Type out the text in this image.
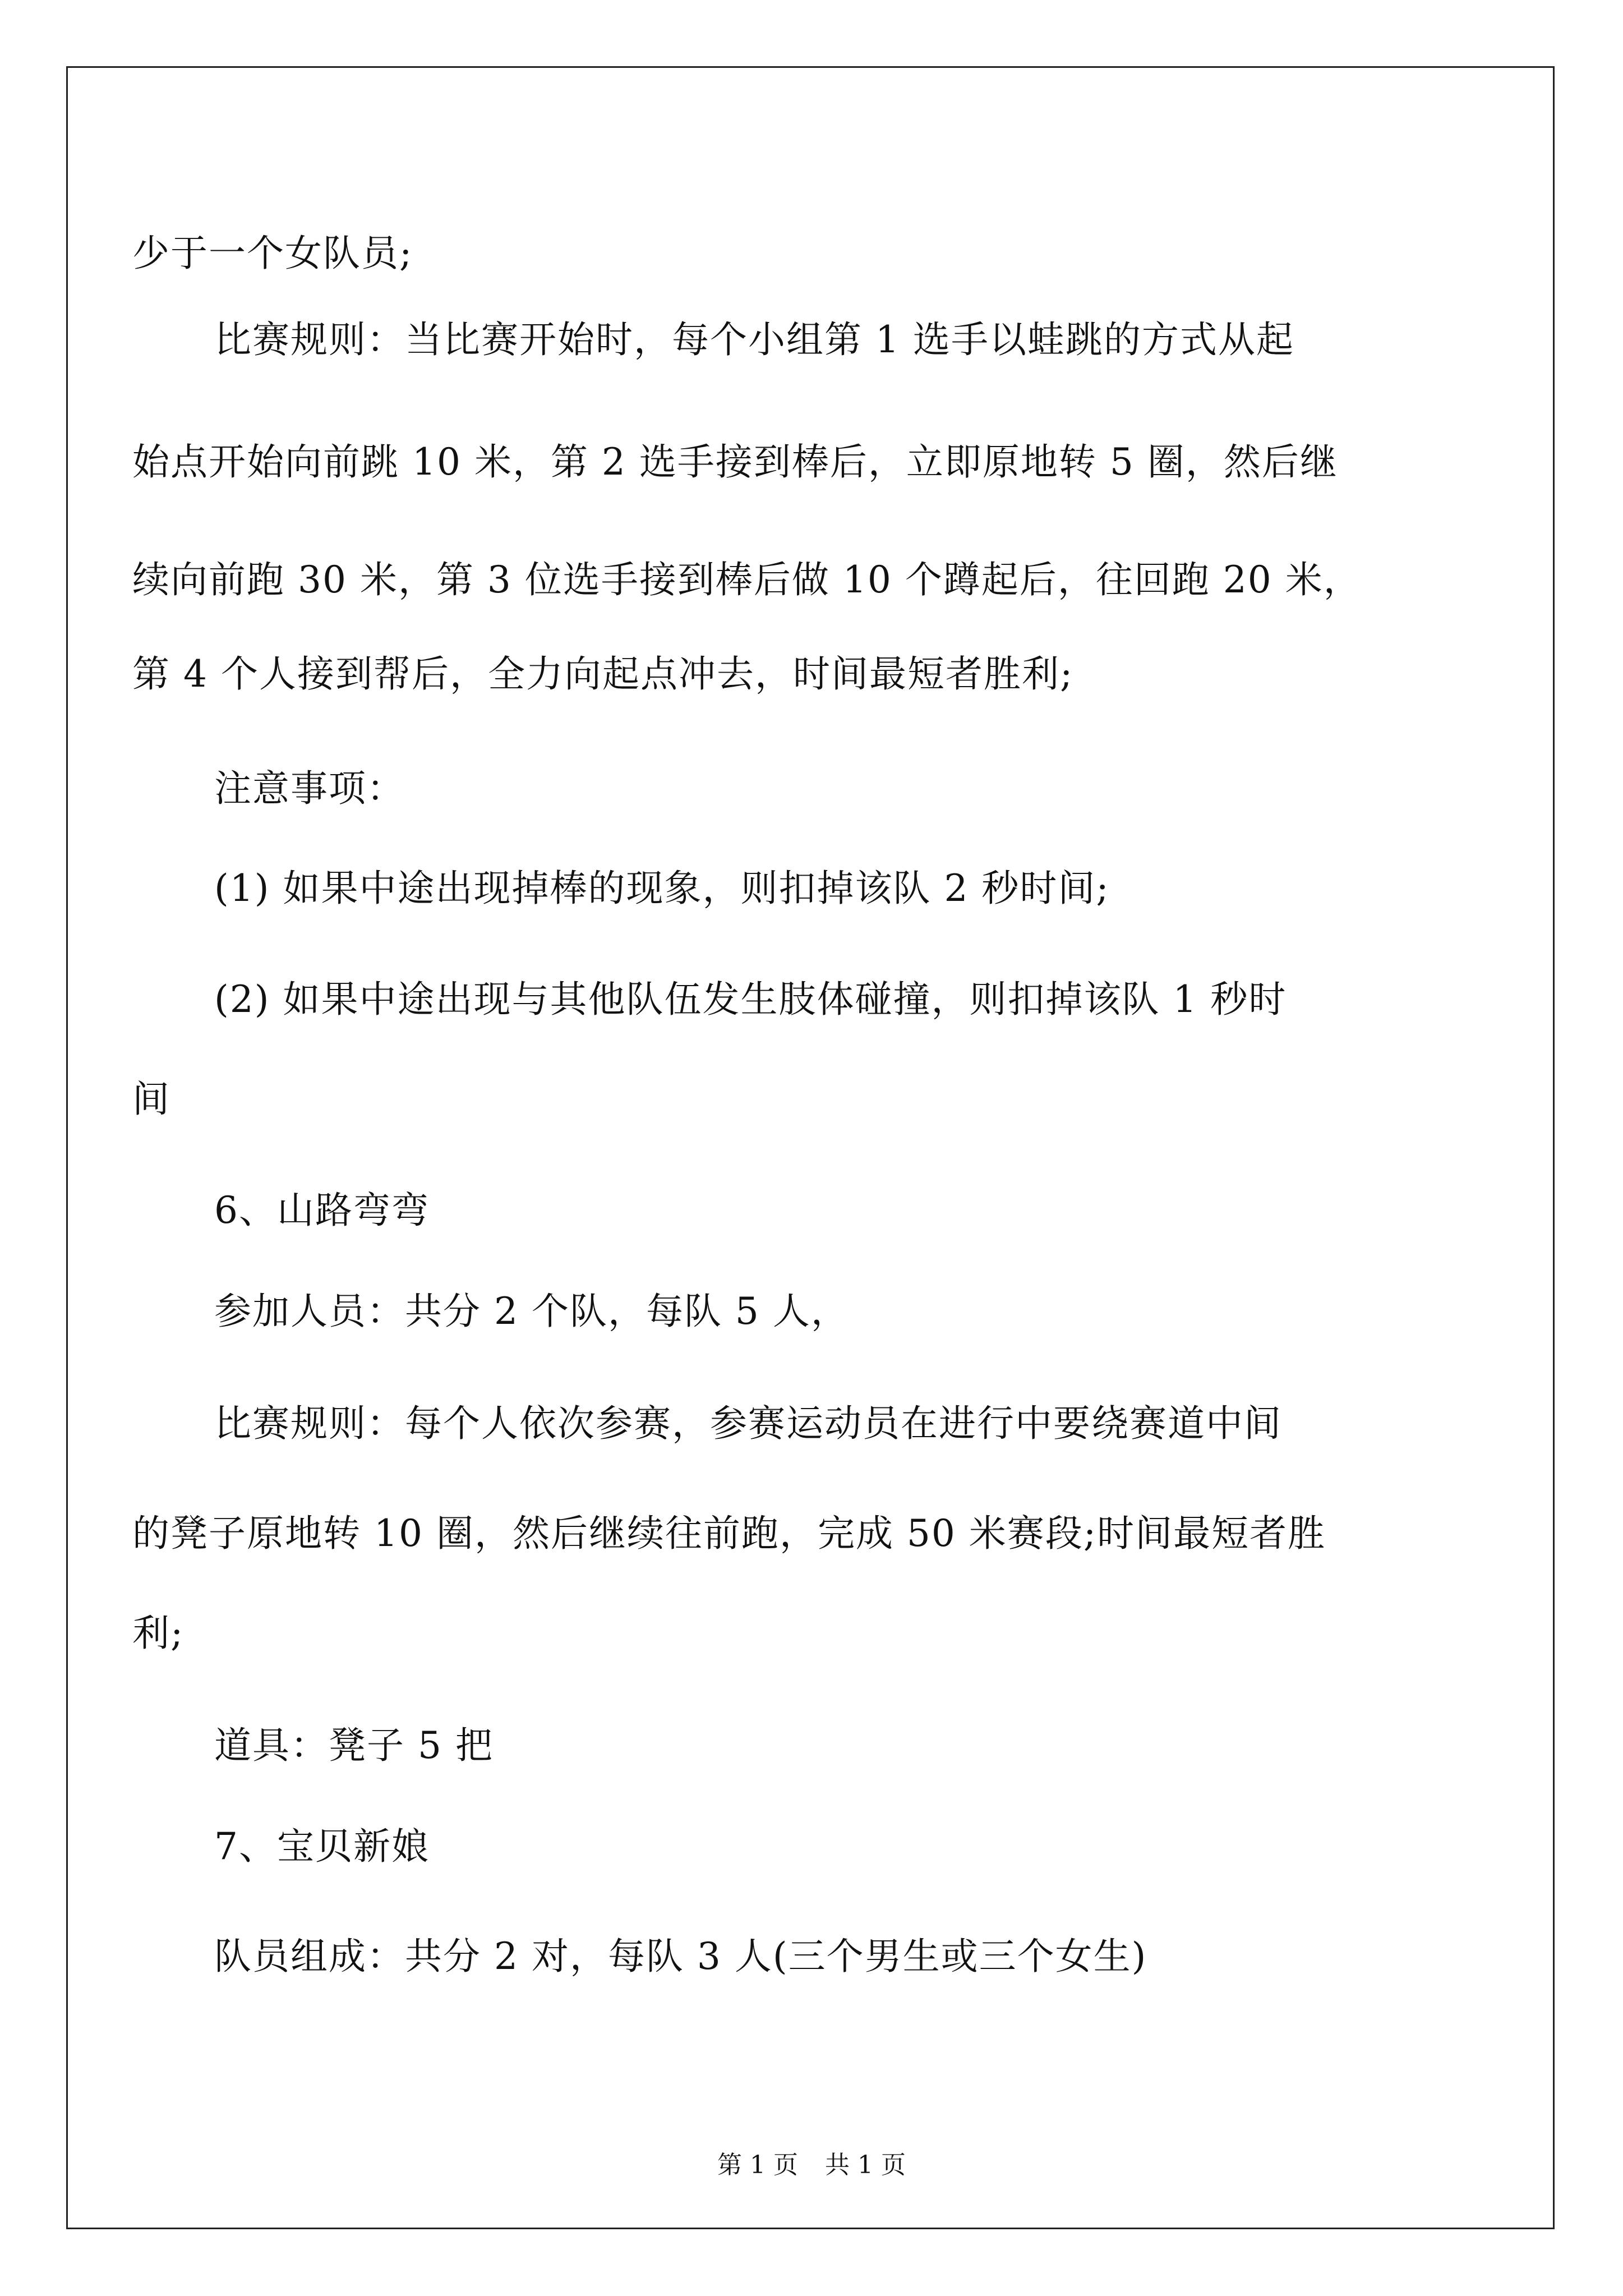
少于一个女队员;
比赛规则：当比赛开始时，每个小组第 1 选手以蛙跳的方式从起
始点开始向前跳 10 米，第 2 选手接到棒后，立即原地转 5 圈，然后继
续向前跑 30 米，第 3 位选手接到棒后做 10 个蹲起后，往回跑 20 米，
第 4 个人接到帮后，全力向起点冲去，时间最短者胜利;
注意事项：
(1) 如果中途出现掉棒的现象，则扣掉该队 2 秒时间;
(2) 如果中途出现与其他队伍发生肢体碰撞，则扣掉该队 1 秒时
间
6、山路弯弯
参加人员：共分 2 个队，每队 5 人，
比赛规则：每个人依次参赛，参赛运动员在进行中要绕赛道中间
的凳子原地转 10 圈，然后继续往前跑，完成 50 米赛段;时间最短者胜
利;
道具：凳子 5 把
7、宝贝新娘
队员组成：共分 2 对，每队 3 人(三个男生或三个女生)
第 1 页 共 1 页
